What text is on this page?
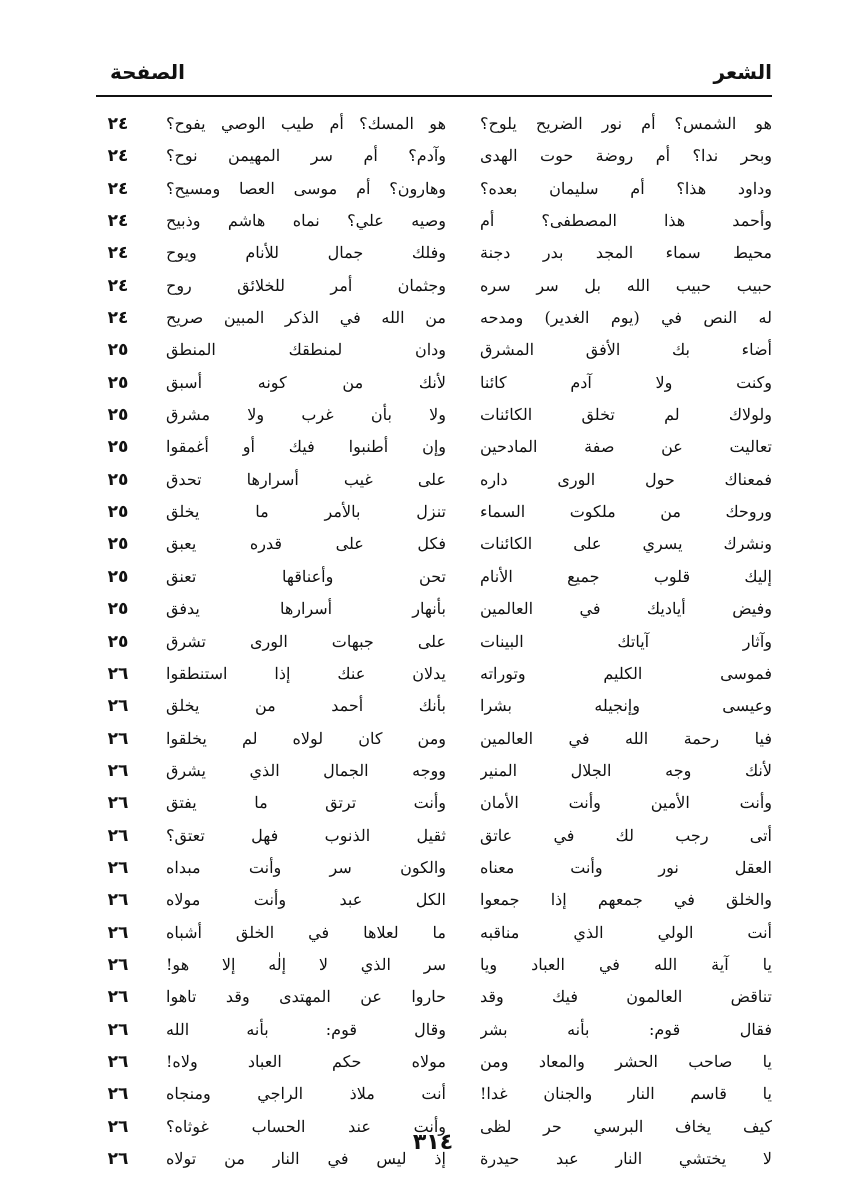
الشعر
الصفحة
هو الشمس؟ أم نور الضريح يلوح؟
هو المسك؟ أم طيب الوصي يفوح؟
٢٤
وبحر ندا؟ أم روضة حوت الهدى
وآدم؟ أم سر المهيمن نوح؟
٢٤
وداود هذا؟ أم سليمان بعده؟
وهارون؟ أم موسى العصا ومسيح؟
٢٤
وأحمد هذا المصطفى؟ أم
وصيه علي؟ نماه هاشم وذبيح
٢٤
محيط سماء المجد بدر دجنة
وفلك جمال للأنام ويوح
٢٤
حبيب حبيب الله بل سر سره
وجثمان أمر للخلائق روح
٢٤
له النص في (يوم الغدير) ومدحه
من الله في الذكر المبين صريح
٢٤
أضاء بك الأفق المشرق
ودان لمنطقك المنطق
٢٥
وكنت ولا آدم كائنا
لأنك من كونه أسبق
٢٥
ولولاك لم تخلق الكائنات
ولا بأن غرب ولا مشرق
٢٥
تعاليت عن صفة المادحين
وإن أطنبوا فيك أو أغمقوا
٢٥
فمعناك حول الورى داره
على غيب أسرارها تحدق
٢٥
وروحك من ملكوت السماء
تنزل بالأمر ما يخلق
٢٥
ونشرك يسري على الكائنات
فكل على قدره يعبق
٢٥
إليك قلوب جميع الأنام
تحن وأعناقها تعنق
٢٥
وفيض أياديك في العالمين
بأنهار أسرارها يدفق
٢٥
وآثار آياتك البينات
على جبهات الورى تشرق
٢٥
فموسى الكليم وتوراته
يدلان عنك إذا استنطقوا
٢٦
وعيسى وإنجيله بشرا
بأنك أحمد من يخلق
٢٦
فيا رحمة الله في العالمين
ومن كان لولاه لم يخلقوا
٢٦
لأنك وجه الجلال المنير
ووجه الجمال الذي يشرق
٢٦
وأنت الأمين وأنت الأمان
وأنت ترتق ما يفتق
٢٦
أتى رجب لك في عاتق
ثقيل الذنوب فهل تعتق؟
٢٦
العقل نور وأنت معناه
والكون سر وأنت مبداه
٢٦
والخلق في جمعهم إذا جمعوا
الكل عبد وأنت مولاه
٢٦
أنت الولي الذي مناقبه
ما لعلاها في الخلق أشباه
٢٦
يا آية الله في العباد ويا
سر الذي لا إلٰه إلا هو!
٢٦
تناقض العالمون فيك وقد
حاروا عن المهتدى وقد تاهوا
٢٦
فقال قوم: بأنه بشر
وقال قوم: بأنه الله
٢٦
يا صاحب الحشر والمعاد ومن
مولاه حكم العباد ولاه!
٢٦
يا قاسم النار والجنان غدا!
أنت ملاذ الراجي ومنجاه
٢٦
كيف يخاف البرسي حر لظى
وأنت عند الحساب غوثاه؟
٢٦
لا يختشي النار عبد حيدرة
إذ ليس في النار من تولاه
٢٦
٣١٤
